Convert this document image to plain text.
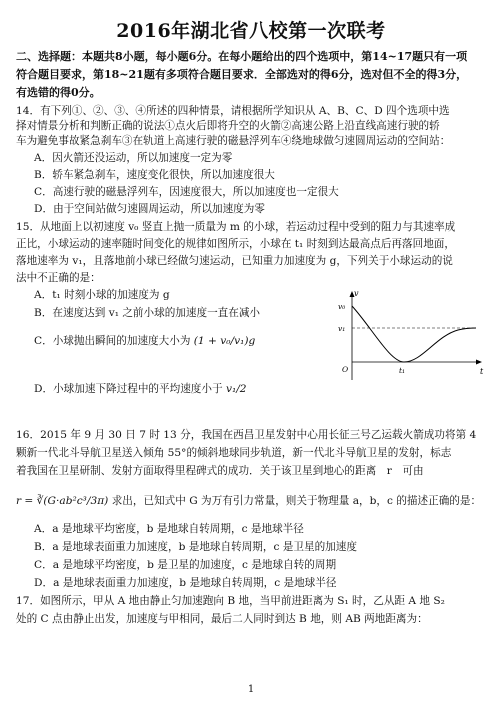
2016年湖北省八校第一次联考
二、选择题：本题共8小题，每小题6分。在每小题给出的四个选项中，第14~17题只有一项
符合题目要求，第18~21题有多项符合题目要求．全部选对的得6分，选对但不全的得3分，
有选错的得0分。
14．有下列①、②、③、④所述的四种情景，请根据所学知识从 A、B、C、D 四个选项中选
择对情景分析和判断正确的说法①点火后即将升空的火箭②高速公路上沿直线高速行驶的轿
车为避免事故紧急刹车③在轨道上高速行驶的磁悬浮列车④绕地球做匀速圆周运动的空间站：
A．因火箭还没运动，所以加速度一定为零
B．轿车紧急刹车，速度变化很快，所以加速度很大
C．高速行驶的磁悬浮列车，因速度很大，所以加速度也一定很大
D．由于空间站做匀速圆周运动，所以加速度为零
15．从地面上以初速度 v₀ 竖直上抛一质量为 m 的小球，若运动过程中受到的阻力与其速率成
正比，小球运动的速率随时间变化的规律如图所示，小球在 t₁ 时刻到达最高点后再落回地面，
落地速率为 v₁，且落地前小球已经做匀速运动，已知重力加速度为 g，下列关于小球运动的说
法中不正确的是：
A．t₁ 时刻小球的加速度为 g
B．在速度达到 v₁ 之前小球的加速度一直在减小
C．小球抛出瞬间的加速度大小为 (1 + v₀/v₁)g
D．小球加速下降过程中的平均速度小于 v₁/2
v
t
v₀
v₁
t₁
O
16．2015 年 9 月 30 日 7 时 13 分，我国在西昌卫星发射中心用长征三号乙运载火箭成功将第 4
颗新一代北斗导航卫星送入倾角 55°的倾斜地球同步轨道，新一代北斗导航卫星的发射，标志
着我国在卫星研制、发射方面取得里程碑式的成功．关于该卫星到地心的距离　r　可由
r = ∛(G·ab²c³/3π) 求出，已知式中 G 为万有引力常量，则关于物理量 a，b，c 的描述正确的是：
A．a 是地球平均密度，b 是地球自转周期，c 是地球半径
B．a 是地球表面重力加速度，b 是地球自转周期，c 是卫星的加速度
C．a 是地球平均密度，b 是卫星的加速度，c 是地球自转的周期
D．a 是地球表面重力加速度，b 是地球自转周期，c 是地球半径
17．如图所示，甲从 A 地由静止匀加速跑向 B 地，当甲前进距离为 S₁ 时，乙从距 A 地 S₂
处的 C 点由静止出发，加速度与甲相同，最后二人同时到达 B 地，则 AB 两地距离为：
1
